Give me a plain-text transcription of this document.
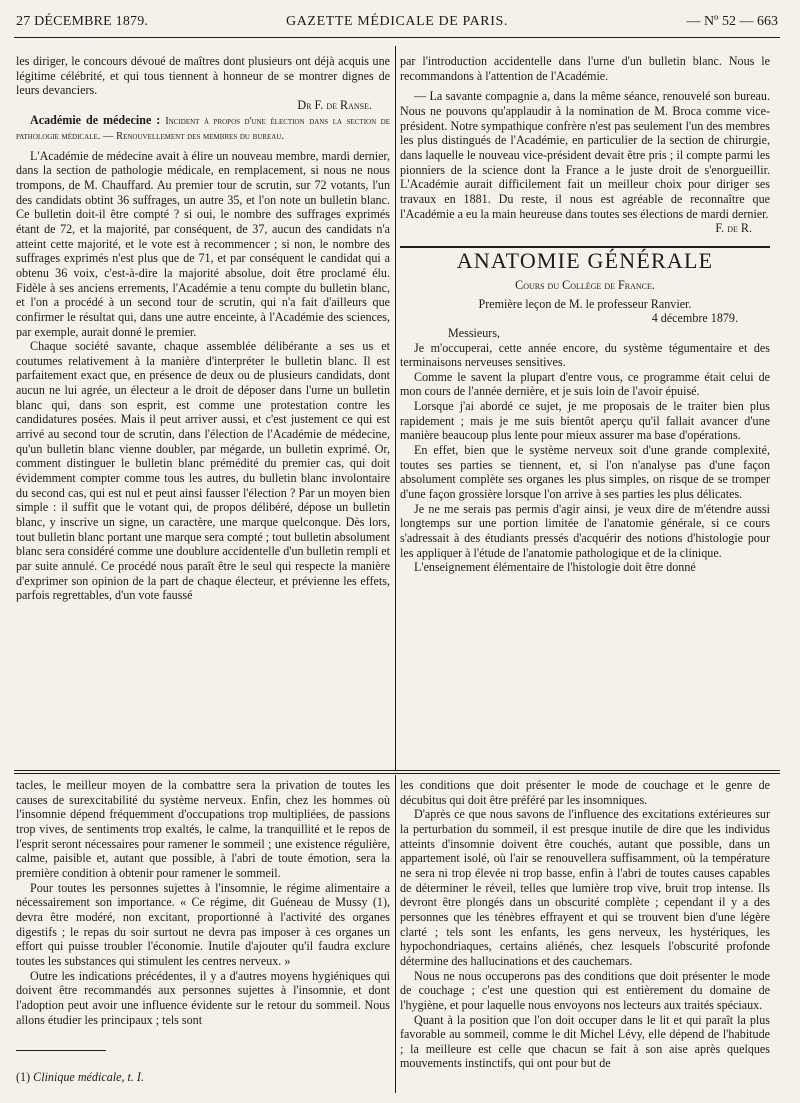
27 DÉCEMBRE 1879.	GAZETTE MÉDICALE DE PARIS.	— Nº 52 — 663

les diriger, le concours dévoué de maîtres dont plusieurs ont déjà acquis une légitime célébrité, et qui tous tiennent à honneur de se montrer dignes de leurs devanciers.

Dr F. de Ranse.

Académie de médecine : Incident à propos d'une élection dans la section de pathologie médicale. — Renouvellement des membres du bureau.

L'Académie de médecine avait à élire un nouveau membre, mardi dernier, dans la section de pathologie médicale, en remplacement, si nous ne nous trompons, de M. Chauffard. Au premier tour de scrutin, sur 72 votants, l'un des candidats obtint 36 suffrages, un autre 35, et l'on note un bulletin blanc. Ce bulletin doit-il être compté ? si oui, le nombre des suffrages exprimés étant de 72, et la majorité, par conséquent, de 37, aucun des candidats n'a atteint cette majorité, et le vote est à recommencer ; si non, le nombre des suffrages exprimés n'est plus que de 71, et par conséquent le candidat qui a obtenu 36 voix, c'est-à-dire la majorité absolue, doit être proclamé élu. Fidèle à ses anciens errements, l'Académie a tenu compte du bulletin blanc, et l'on a procédé à un second tour de scrutin, qui n'a fait d'ailleurs que confirmer le résultat qui, dans une autre enceinte, à l'Académie des sciences, par exemple, aurait donné le premier.

Chaque société savante, chaque assemblée délibérante a ses us et coutumes relativement à la manière d'interpréter le bulletin blanc. Il est parfaitement exact que, en présence de deux ou de plusieurs candidats, dont aucun ne lui agrée, un électeur a le droit de déposer dans l'urne un bulletin blanc qui, dans son esprit, est comme une protestation contre les candidatures posées. Mais il peut arriver aussi, et c'est justement ce qui est arrivé au second tour de scrutin, dans l'élection de l'Académie de médecine, qu'un bulletin blanc vienne doubler, par mégarde, un bulletin exprimé. Or, comment distinguer le bulletin blanc prémédité du premier cas, qui doit évidemment compter comme tous les autres, du bulletin blanc involontaire du second cas, qui est nul et peut ainsi fausser l'élection ? Par un moyen bien simple : il suffit que le votant qui, de propos délibéré, dépose un bulletin blanc, y inscrive un signe, un caractère, une marque quelconque. Dès lors, tout bulletin blanc portant une marque sera compté ; tout bulletin absolument blanc sera considéré comme une doublure accidentelle d'un bulletin rempli et par suite annulé. Ce procédé nous paraît être le seul qui respecte la manière d'exprimer son opinion de la part de chaque électeur, et prévienne les effets, parfois regrettables, d'un vote faussé

par l'introduction accidentelle dans l'urne d'un bulletin blanc. Nous le recommandons à l'attention de l'Académie.

— La savante compagnie a, dans la même séance, renouvelé son bureau. Nous ne pouvons qu'applaudir à la nomination de M. Broca comme vice-président. Notre sympathique confrère n'est pas seulement l'un des membres les plus distingués de l'Académie, en particulier de la section de chirurgie, dans laquelle le nouveau vice-président devait être pris ; il compte parmi les pionniers de la science dont la France a le juste droit de s'enorgueillir. L'Académie aurait difficilement fait un meilleur choix pour diriger ses travaux en 1881. Du reste, il nous est agréable de reconnaître que l'Académie a eu la main heureuse dans toutes ses élections de mardi dernier.

F. de R.

ANATOMIE GÉNÉRALE

Cours du Collège de France.

Première leçon de M. le professeur Ranvier.

4 décembre 1879.

Messieurs,

Je m'occuperai, cette année encore, du système tégumentaire et des terminaisons nerveuses sensitives.

Comme le savent la plupart d'entre vous, ce programme était celui de mon cours de l'année dernière, et je suis loin de l'avoir épuisé.

Lorsque j'ai abordé ce sujet, je me proposais de le traiter bien plus rapidement ; mais je me suis bientôt aperçu qu'il fallait avancer d'une manière beaucoup plus lente pour mieux assurer ma base d'opérations.

En effet, bien que le système nerveux soit d'une grande complexité, toutes ses parties se tiennent, et, si l'on n'analyse pas d'une façon absolument complète ses organes les plus simples, on risque de se tromper d'une façon grossière lorsque l'on arrive à ses parties les plus délicates.

Je ne me serais pas permis d'agir ainsi, je veux dire de m'étendre aussi longtemps sur une portion limitée de l'anatomie générale, si ce cours s'adressait à des étudiants pressés d'acquérir des notions d'histologie pour les appliquer à l'étude de l'anatomie pathologique et de la clinique.

L'enseignement élémentaire de l'histologie doit être donné

tacles, le meilleur moyen de la combattre sera la privation de toutes les causes de surexcitabilité du système nerveux. Enfin, chez les hommes où l'insomnie dépend fréquemment d'occupations trop multipliées, de passions trop vives, de sentiments trop exaltés, le calme, la tranquillité et le repos de l'esprit seront nécessaires pour ramener le sommeil ; une existence régulière, calme, paisible et, autant que possible, à l'abri de toute émotion, sera la première condition à obtenir pour ramener le sommeil.

Pour toutes les personnes sujettes à l'insomnie, le régime alimentaire a nécessairement son importance. « Ce régime, dit Guéneau de Mussy (1), devra être modéré, non excitant, proportionné à l'activité des organes digestifs ; le repas du soir surtout ne devra pas imposer à ces organes un effort qui puisse troubler l'économie. Inutile d'ajouter qu'il faudra exclure toutes les substances qui stimulent les centres nerveux. »

Outre les indications précédentes, il y a d'autres moyens hygiéniques qui doivent être recommandés aux personnes sujettes à l'insomnie, et dont l'adoption peut avoir une influence évidente sur le retour du sommeil. Nous allons étudier les principaux ; tels sont

les conditions que doit présenter le mode de couchage et le genre de décubitus qui doit être préféré par les insomniques.

D'après ce que nous savons de l'influence des excitations extérieures sur la perturbation du sommeil, il est presque inutile de dire que les individus atteints d'insomnie doivent être couchés, autant que possible, dans un appartement isolé, où l'air se renouvellera suffisamment, où la température ne sera ni trop élevée ni trop basse, enfin à l'abri de toutes causes capables de déterminer le réveil, telles que lumière trop vive, bruit trop intense. Ils devront être plongés dans un obscurité complète ; cependant il y a des personnes que les ténèbres effrayent et qui se trouvent bien d'une légère clarté ; tels sont les enfants, les gens nerveux, les hystériques, les hypochondriaques, certains aliénés, chez lesquels l'obscurité profonde détermine des hallucinations et des cauchemars.

Nous ne nous occuperons pas des conditions que doit présenter le mode de couchage ; c'est une question qui est entièrement du domaine de l'hygiène, et pour laquelle nous envoyons nos lecteurs aux traités spéciaux.

Quant à la position que l'on doit occuper dans le lit et qui paraît la plus favorable au sommeil, comme le dit Michel Lévy, elle dépend de l'habitude ; la meilleure est celle que chacun se fait à son aise après quelques mouvements instinctifs, qui ont pour but de

(1) Clinique médicale, t. I.
